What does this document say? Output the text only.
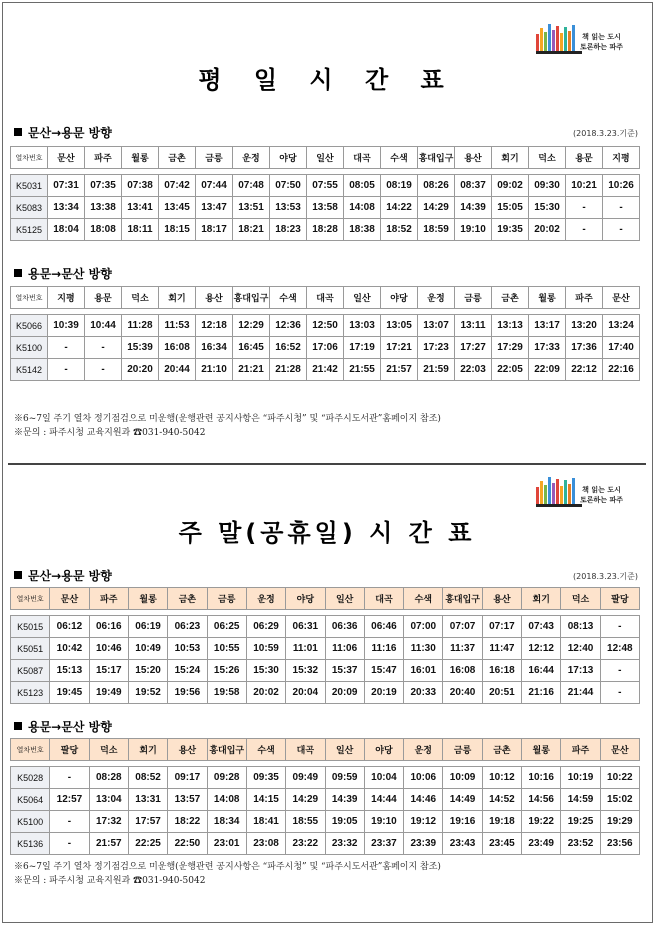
책 읽는 도시
토론하는 파주
평 일 시 간 표
문산→용문 방향	(2018.3.23.기준)
열차번호	문산	파주	월롱	금촌	금릉	운정	야당	일산	대곡	수색	홍대입구	용산	회기	덕소	용문	지평

K5031	07:31	07:35	07:38	07:42	07:44	07:48	07:50	07:55	08:05	08:19	08:26	08:37	09:02	09:30	10:21	10:26
K5083	13:34	13:38	13:41	13:45	13:47	13:51	13:53	13:58	14:08	14:22	14:29	14:39	15:05	15:30	-	-
K5125	18:04	18:08	18:11	18:15	18:17	18:21	18:23	18:28	18:38	18:52	18:59	19:10	19:35	20:02	-	-
용문→문산 방향
열차번호	지평	용문	덕소	회기	용산	홍대입구	수색	대곡	일산	야당	운정	금릉	금촌	월롱	파주	문산

K5066	10:39	10:44	11:28	11:53	12:18	12:29	12:36	12:50	13:03	13:05	13:07	13:11	13:13	13:17	13:20	13:24
K5100	-	-	15:39	16:08	16:34	16:45	16:52	17:06	17:19	17:21	17:23	17:27	17:29	17:33	17:36	17:40
K5142	-	-	20:20	20:44	21:10	21:21	21:28	21:42	21:55	21:57	21:59	22:03	22:05	22:09	22:12	22:16
※6~7일 주기 열차 정기점검으로 미운행(운행관련 공지사항은 “파주시청” 및 “파주시도서관”홈페이지 참조)
※문의 : 파주시청 교육지원과 ☎031-940-5042
책 읽는 도시
토론하는 파주
주 말(공휴일) 시 간 표
문산→용문 방향	(2018.3.23.기준)
열차번호	문산	파주	월롱	금촌	금릉	운정	야당	일산	대곡	수색	홍대입구	용산	회기	덕소	팔당

K5015	06:12	06:16	06:19	06:23	06:25	06:29	06:31	06:36	06:46	07:00	07:07	07:17	07:43	08:13	-
K5051	10:42	10:46	10:49	10:53	10:55	10:59	11:01	11:06	11:16	11:30	11:37	11:47	12:12	12:40	12:48
K5087	15:13	15:17	15:20	15:24	15:26	15:30	15:32	15:37	15:47	16:01	16:08	16:18	16:44	17:13	-
K5123	19:45	19:49	19:52	19:56	19:58	20:02	20:04	20:09	20:19	20:33	20:40	20:51	21:16	21:44	-
용문→문산 방향
열차번호	팔당	덕소	회기	용산	홍대입구	수색	대곡	일산	야당	운정	금릉	금촌	월롱	파주	문산

K5028	-	08:28	08:52	09:17	09:28	09:35	09:49	09:59	10:04	10:06	10:09	10:12	10:16	10:19	10:22
K5064	12:57	13:04	13:31	13:57	14:08	14:15	14:29	14:39	14:44	14:46	14:49	14:52	14:56	14:59	15:02
K5100	-	17:32	17:57	18:22	18:34	18:41	18:55	19:05	19:10	19:12	19:16	19:18	19:22	19:25	19:29
K5136	-	21:57	22:25	22:50	23:01	23:08	23:22	23:32	23:37	23:39	23:43	23:45	23:49	23:52	23:56
※6~7일 주기 열차 정기점검으로 미운행(운행관련 공지사항은 “파주시청” 및 “파주시도서관”홈페이지 참조)
※문의 : 파주시청 교육지원과 ☎031-940-5042
